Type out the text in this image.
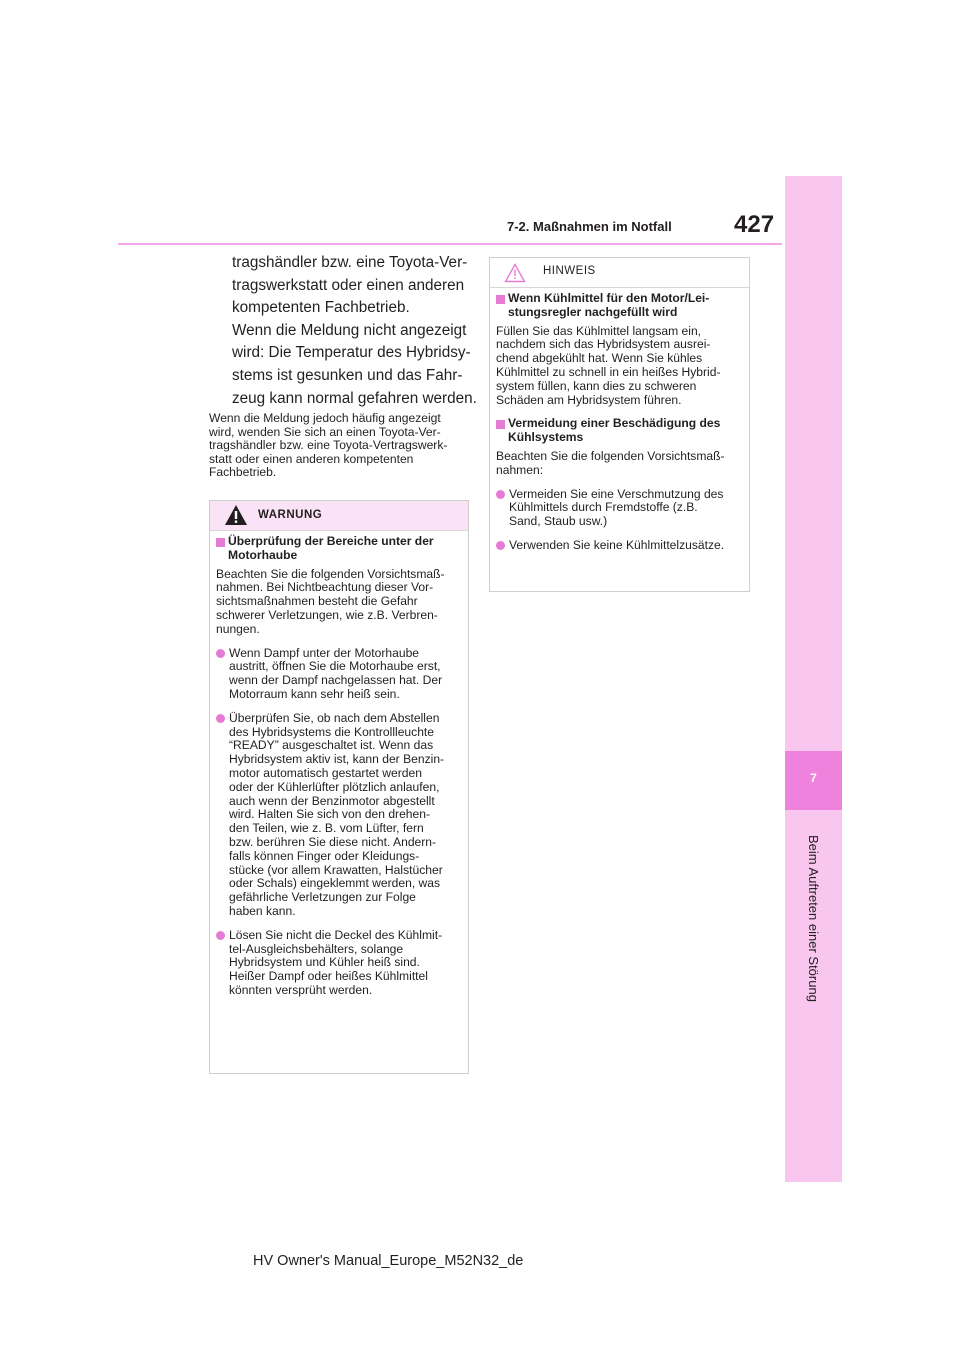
7
Beim Auftreten einer Störung
7-2. Maßnahmen im Notfall	427
tragshändler bzw. eine Toyota-Ver-
tragswerkstatt oder einen anderen
kompetenten Fachbetrieb.
Wenn die Meldung nicht angezeigt
wird: Die Temperatur des Hybridsy-
stems ist gesunken und das Fahr-
zeug kann normal gefahren werden.
Wenn die Meldung jedoch häufig angezeigt
wird, wenden Sie sich an einen Toyota-Ver-
tragshändler bzw. eine Toyota-Vertragswerk-
statt oder einen anderen kompetenten
Fachbetrieb.
WARNUNG
Überprüfung der Bereiche unter der
Motorhaube
Beachten Sie die folgenden Vorsichtsmaß-
nahmen. Bei Nichtbeachtung dieser Vor-
sichtsmaßnahmen besteht die Gefahr
schwerer Verletzungen, wie z.B. Verbren-
nungen.
Wenn Dampf unter der Motorhaube
austritt, öffnen Sie die Motorhaube erst,
wenn der Dampf nachgelassen hat. Der
Motorraum kann sehr heiß sein.
Überprüfen Sie, ob nach dem Abstellen
des Hybridsystems die Kontrollleuchte
“READY” ausgeschaltet ist. Wenn das
Hybridsystem aktiv ist, kann der Benzin-
motor automatisch gestartet werden
oder der Kühlerlüfter plötzlich anlaufen,
auch wenn der Benzinmotor abgestellt
wird. Halten Sie sich von den drehen-
den Teilen, wie z. B. vom Lüfter, fern
bzw. berühren Sie diese nicht. Andern-
falls können Finger oder Kleidungs-
stücke (vor allem Krawatten, Halstücher
oder Schals) eingeklemmt werden, was
gefährliche Verletzungen zur Folge
haben kann.
Lösen Sie nicht die Deckel des Kühlmit-
tel-Ausgleichsbehälters, solange
Hybridsystem und Kühler heiß sind.
Heißer Dampf oder heißes Kühlmittel
könnten versprüht werden.
HINWEIS
Wenn Kühlmittel für den Motor/Lei-
stungsregler nachgefüllt wird
Füllen Sie das Kühlmittel langsam ein,
nachdem sich das Hybridsystem ausrei-
chend abgekühlt hat. Wenn Sie kühles
Kühlmittel zu schnell in ein heißes Hybrid-
system füllen, kann dies zu schweren
Schäden am Hybridsystem führen.
Vermeidung einer Beschädigung des
Kühlsystems
Beachten Sie die folgenden Vorsichtsmaß-
nahmen:
Vermeiden Sie eine Verschmutzung des
Kühlmittels durch Fremdstoffe (z.B.
Sand, Staub usw.)
Verwenden Sie keine Kühlmittelzusätze.
HV Owner's Manual_Europe_M52N32_de
